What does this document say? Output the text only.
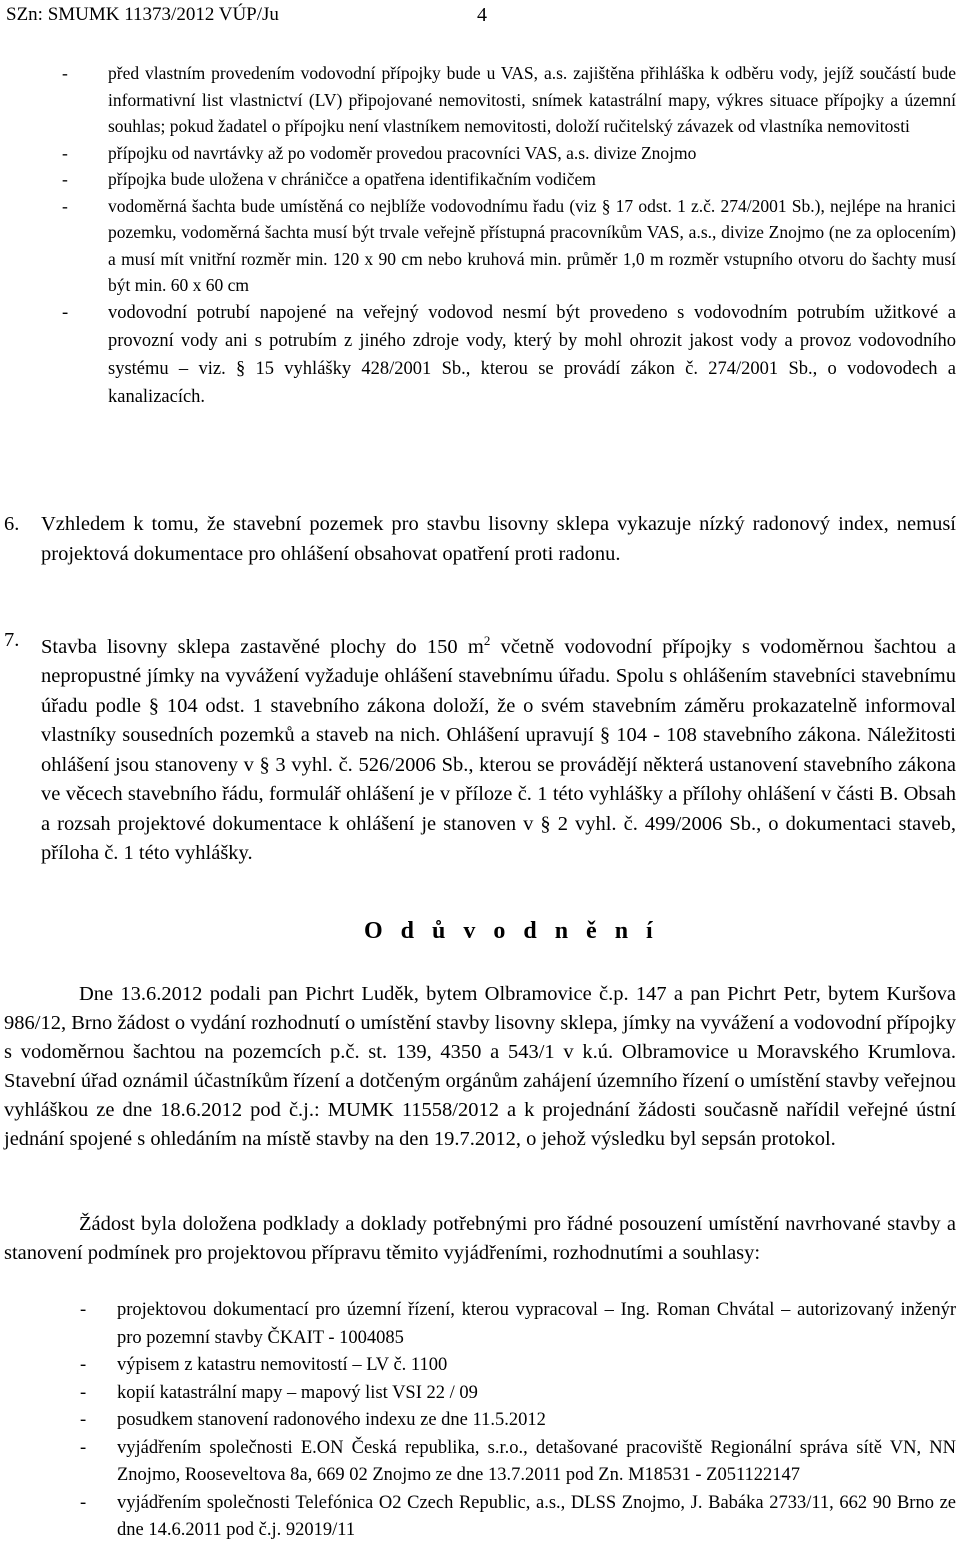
SZn: SMUMK 11373/2012 VÚP/Ju	4
- před vlastním provedením vodovodní přípojky bude u VAS, a.s. zajištěna přihláška k odběru vody, jejíž součástí bude informativní list vlastnictví (LV) připojované nemovitosti, snímek katastrální mapy, výkres situace přípojky a územní souhlas; pokud žadatel o přípojku není vlastníkem nemovitosti, doloží ručitelský závazek od vlastníka nemovitosti
- přípojku od navrtávky až po vodoměr provedou pracovníci VAS, a.s. divize Znojmo
- přípojka bude uložena v chráničce a opatřena identifikačním vodičem
- vodoměrná šachta bude umístěná co nejblíže vodovodnímu řadu (viz § 17 odst. 1 z.č. 274/2001 Sb.), nejlépe na hranici pozemku, vodoměrná šachta musí být trvale veřejně přístupná pracovníkům VAS, a.s., divize Znojmo (ne za oplocením) a musí mít vnitřní rozměr min. 120 x 90 cm nebo kruhová min. průměr 1,0 m rozměr vstupního otvoru do šachty musí být min. 60 x 60 cm
- vodovodní potrubí napojené na veřejný vodovod nesmí být provedeno s vodovodním potrubím užitkové a provozní vody ani s potrubím z jiného zdroje vody, který by mohl ohrozit jakost vody a provoz vodovodního systému – viz. § 15 vyhlášky 428/2001 Sb., kterou se provádí zákon č. 274/2001 Sb., o vodovodech a kanalizacích.
6. Vzhledem k tomu, že stavební pozemek pro stavbu lisovny sklepa vykazuje nízký radonový index, nemusí projektová dokumentace pro ohlášení obsahovat opatření proti radonu.
7. Stavba lisovny sklepa zastavěné plochy do 150 $m^2$ včetně vodovodní přípojky s vodoměrnou šachtou a nepropustné jímky na vyvážení vyžaduje ohlášení stavebnímu úřadu. Spolu s ohlášením stavebníci stavebnímu úřadu podle § 104 odst. 1 stavebního zákona doloží, že o svém stavebním záměru prokazatelně informoval vlastníky sousedních pozemků a staveb na nich. Ohlášení upravují § 104 - 108 stavebního zákona. Náležitosti ohlášení jsou stanoveny v § 3 vyhl. č. 526/2006 Sb., kterou se provádějí některá ustanovení stavebního zákona ve věcech stavebního řádu, formulář ohlášení je v příloze č. 1 této vyhlášky a přílohy ohlášení v části B. Obsah a rozsah projektové dokumentace k ohlášení je stanoven v § 2 vyhl. č. 499/2006 Sb., o dokumentaci staveb, příloha č. 1 této vyhlášky.
O d ů v o d n ě n í
Dne 13.6.2012 podali pan Pichrt Luděk, bytem Olbramovice č.p. 147 a pan Pichrt Petr, bytem Kuršova 986/12, Brno žádost o vydání rozhodnutí o umístění stavby lisovny sklepa, jímky na vyvážení a vodovodní přípojky s vodoměrnou šachtou na pozemcích p.č. st. 139, 4350 a 543/1 v k.ú. Olbramovice u Moravského Krumlova. Stavební úřad oznámil účastníkům řízení a dotčeným orgánům zahájení územního řízení o umístění stavby veřejnou vyhláškou ze dne 18.6.2012 pod č.j.: MUMK 11558/2012 a k projednání žádosti současně nařídil veřejné ústní jednání spojené s ohledáním na místě stavby na den 19.7.2012, o jehož výsledku byl sepsán protokol.
Žádost byla doložena podklady a doklady potřebnými pro řádné posouzení umístění navrhované stavby a stanovení podmínek pro projektovou přípravu těmito vyjádřeními, rozhodnutími a souhlasy:
- projektovou dokumentací pro územní řízení, kterou vypracoval – Ing. Roman Chvátal – autorizovaný inženýr pro pozemní stavby ČKAIT - 1004085
- výpisem z katastru nemovitostí – LV č. 1100
- kopií katastrální mapy – mapový list VSI 22 / 09
- posudkem stanovení radonového indexu ze dne 11.5.2012
- vyjádřením společnosti E.ON Česká republika, s.r.o., detašované pracoviště Regionální správa sítě VN, NN Znojmo, Rooseveltova 8a, 669 02 Znojmo ze dne 13.7.2011 pod Zn. M18531 - Z051122147
- vyjádřením společnosti Telefónica O2 Czech Republic, a.s., DLSS Znojmo, J. Babáka 2733/11, 662 90 Brno ze dne 14.6.2011 pod č.j. 92019/11
